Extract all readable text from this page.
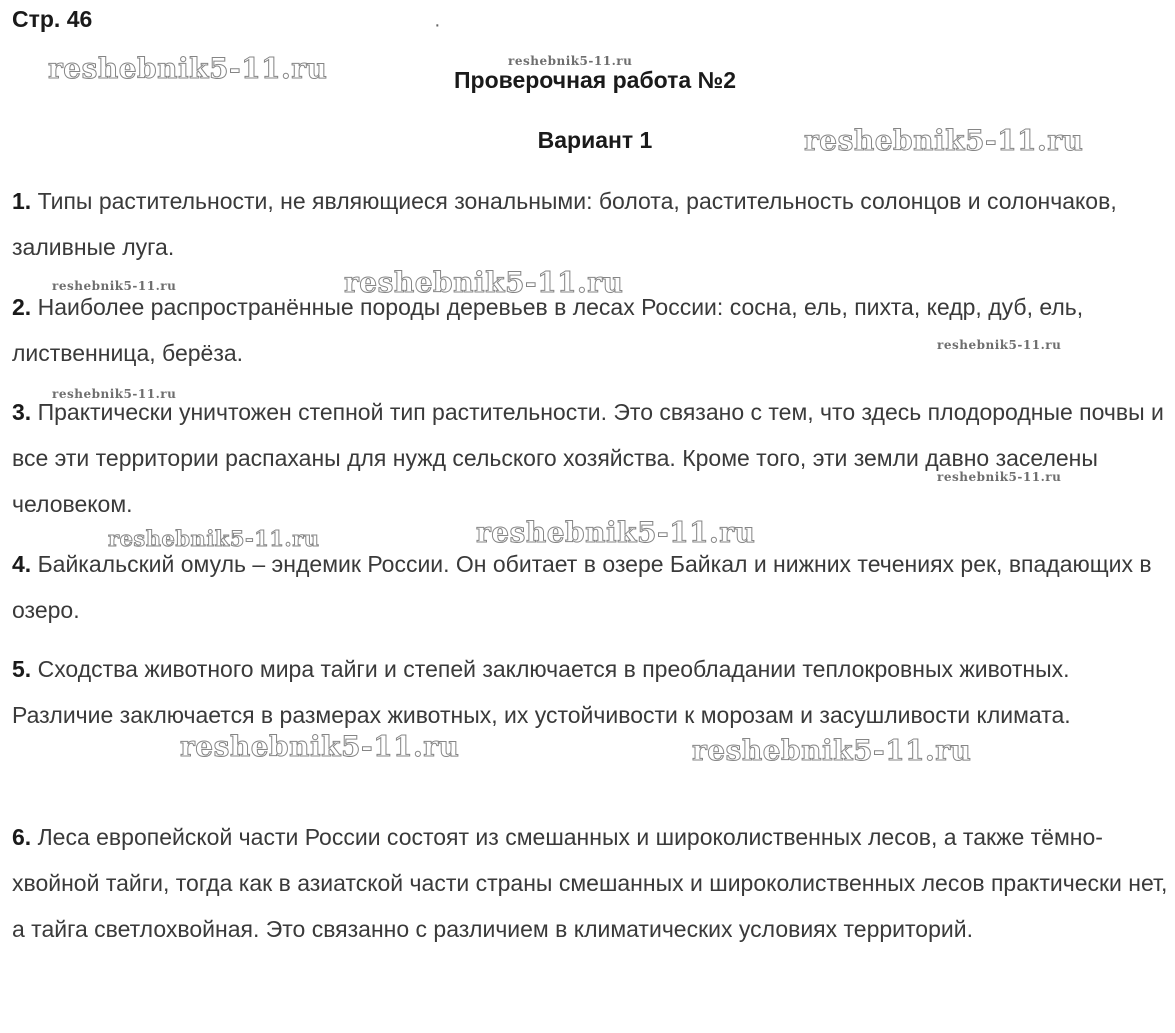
Стр. 46	·
Проверочная работа №2
Вариант 1

1. Типы растительности, не являющиеся зональными: болота, растительность солонцов и солончаков, заливные луга.

2. Наиболее распространённые породы деревьев в лесах России: сосна, ель, пихта, кедр, дуб, ель, лиственница, берёза.

3. Практически уничтожен степной тип растительности. Это связано с тем, что здесь плодородные почвы и все эти территории распаханы для нужд сельского хозяйства. Кроме того, эти земли давно заселены человеком.

4. Байкальский омуль – эндемик России. Он обитает в озере Байкал и нижних течениях рек, впадающих в озеро.

5. Сходства животного мира тайги и степей заключается в преобладании теплокровных животных. Различие заключается в размерах животных, их устойчивости к морозам и засушливости климата.

6. Леса европейской части России состоят из смешанных и широколиственных лесов, а также тёмно-хвойной тайги, тогда как в азиатской части страны смешанных и широколиственных лесов практически нет, а тайга светлохвойная. Это связанно с различием в климатических условиях территорий.

reshebnik5-11.ru	reshebnik5-11.ru
reshebnik5-11.ru
reshebnik5-11.ru	reshebnik5-11.ru
reshebnik5-11.ru
reshebnik5-11.ru
reshebnik5-11.ru
reshebnik5-11.ru	reshebnik5-11.ru
reshebnik5-11.ru	reshebnik5-11.ru
